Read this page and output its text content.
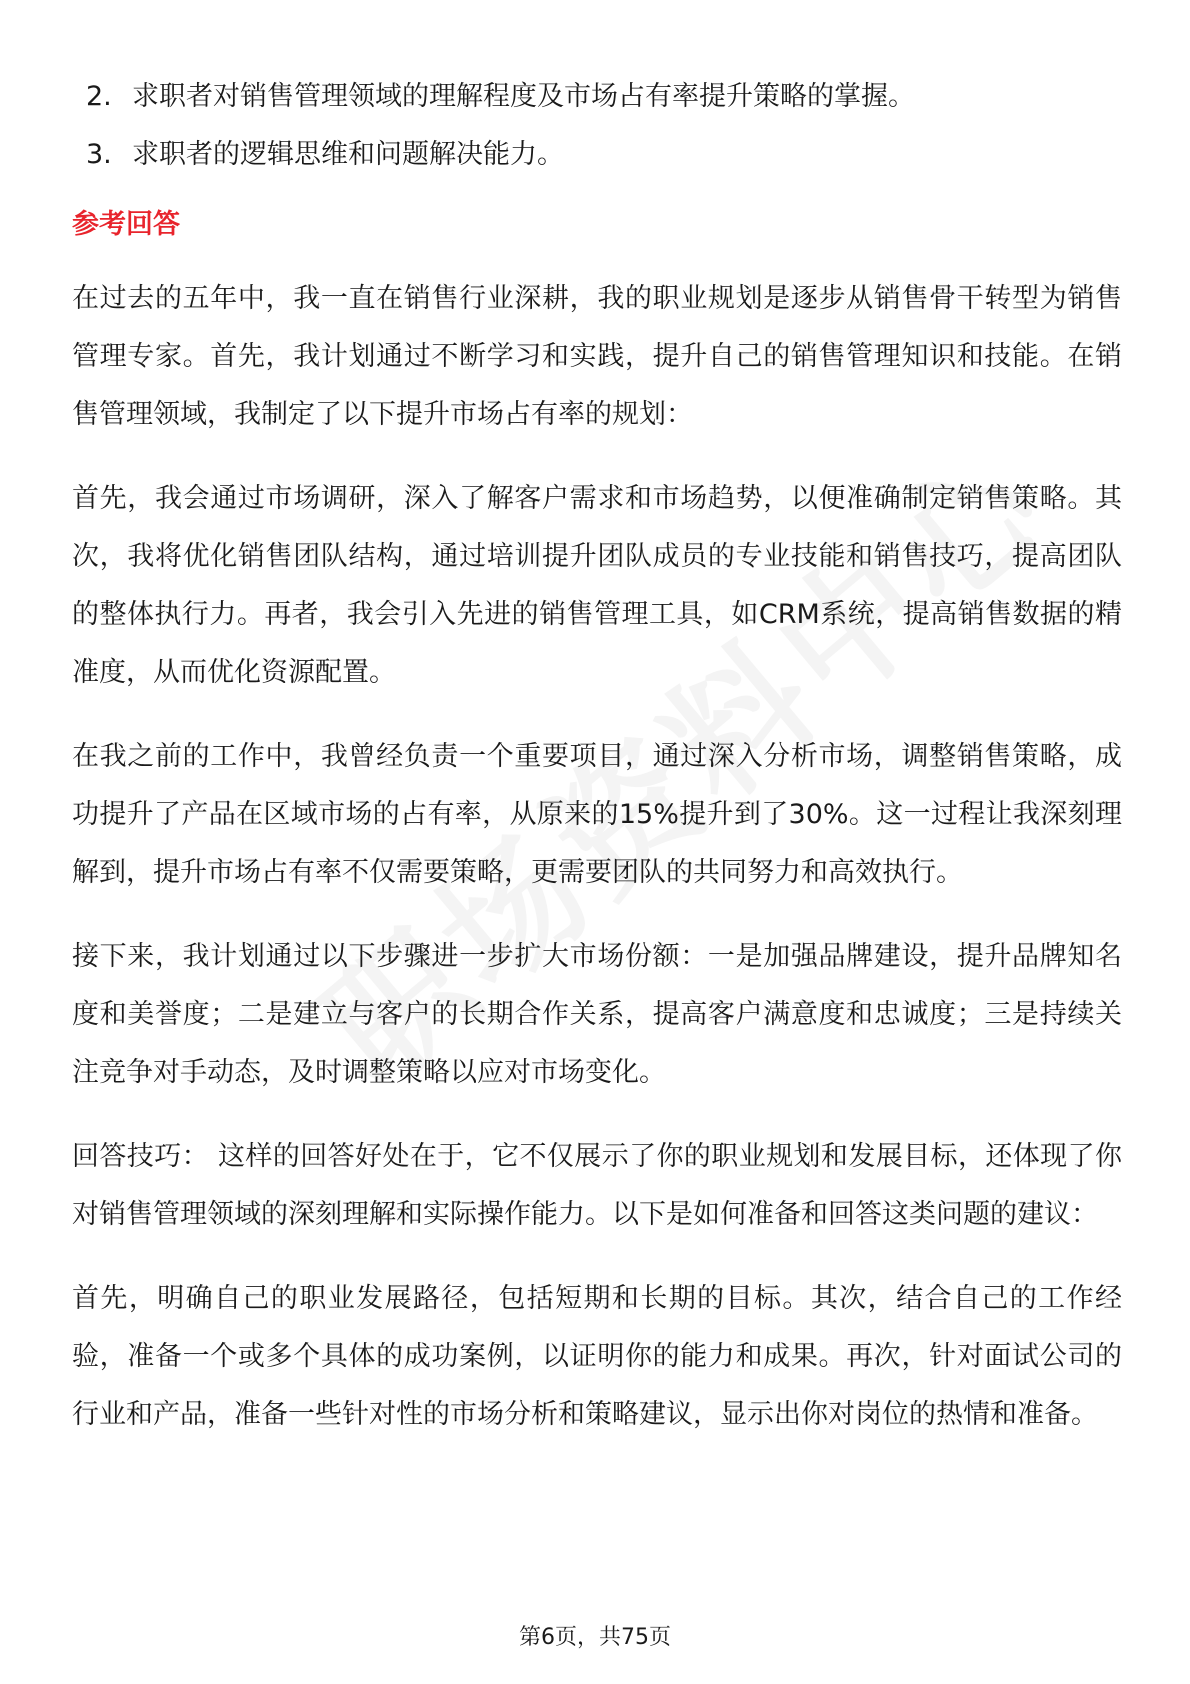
2. 求职者对销售管理领域的理解程度及市场占有率提升策略的掌握。
3. 求职者的逻辑思维和问题解决能力。
参考回答

在过去的五年中，我一直在销售行业深耕，我的职业规划是逐步从销售骨干转型为销售管理专家。首先，我计划通过不断学习和实践，提升自己的销售管理知识和技能。在销售管理领域，我制定了以下提升市场占有率的规划：

首先，我会通过市场调研，深入了解客户需求和市场趋势，以便准确制定销售策略。其次，我将优化销售团队结构，通过培训提升团队成员的专业技能和销售技巧，提高团队的整体执行力。再者，我会引入先进的销售管理工具，如CRM系统，提高销售数据的精准度，从而优化资源配置。

在我之前的工作中，我曾经负责一个重要项目，通过深入分析市场，调整销售策略，成功提升了产品在区域市场的占有率，从原来的15%提升到了30%。这一过程让我深刻理解到，提升市场占有率不仅需要策略，更需要团队的共同努力和高效执行。

接下来，我计划通过以下步骤进一步扩大市场份额：一是加强品牌建设，提升品牌知名度和美誉度；二是建立与客户的长期合作关系，提高客户满意度和忠诚度；三是持续关注竞争对手动态，及时调整策略以应对市场变化。

回答技巧： 这样的回答好处在于，它不仅展示了你的职业规划和发展目标，还体现了你对销售管理领域的深刻理解和实际操作能力。以下是如何准备和回答这类问题的建议：

首先，明确自己的职业发展路径，包括短期和长期的目标。其次，结合自己的工作经验，准备一个或多个具体的成功案例，以证明你的能力和成果。再次，针对面试公司的行业和产品，准备一些针对性的市场分析和策略建议，显示出你对岗位的热情和准备。

第6页，共75页
